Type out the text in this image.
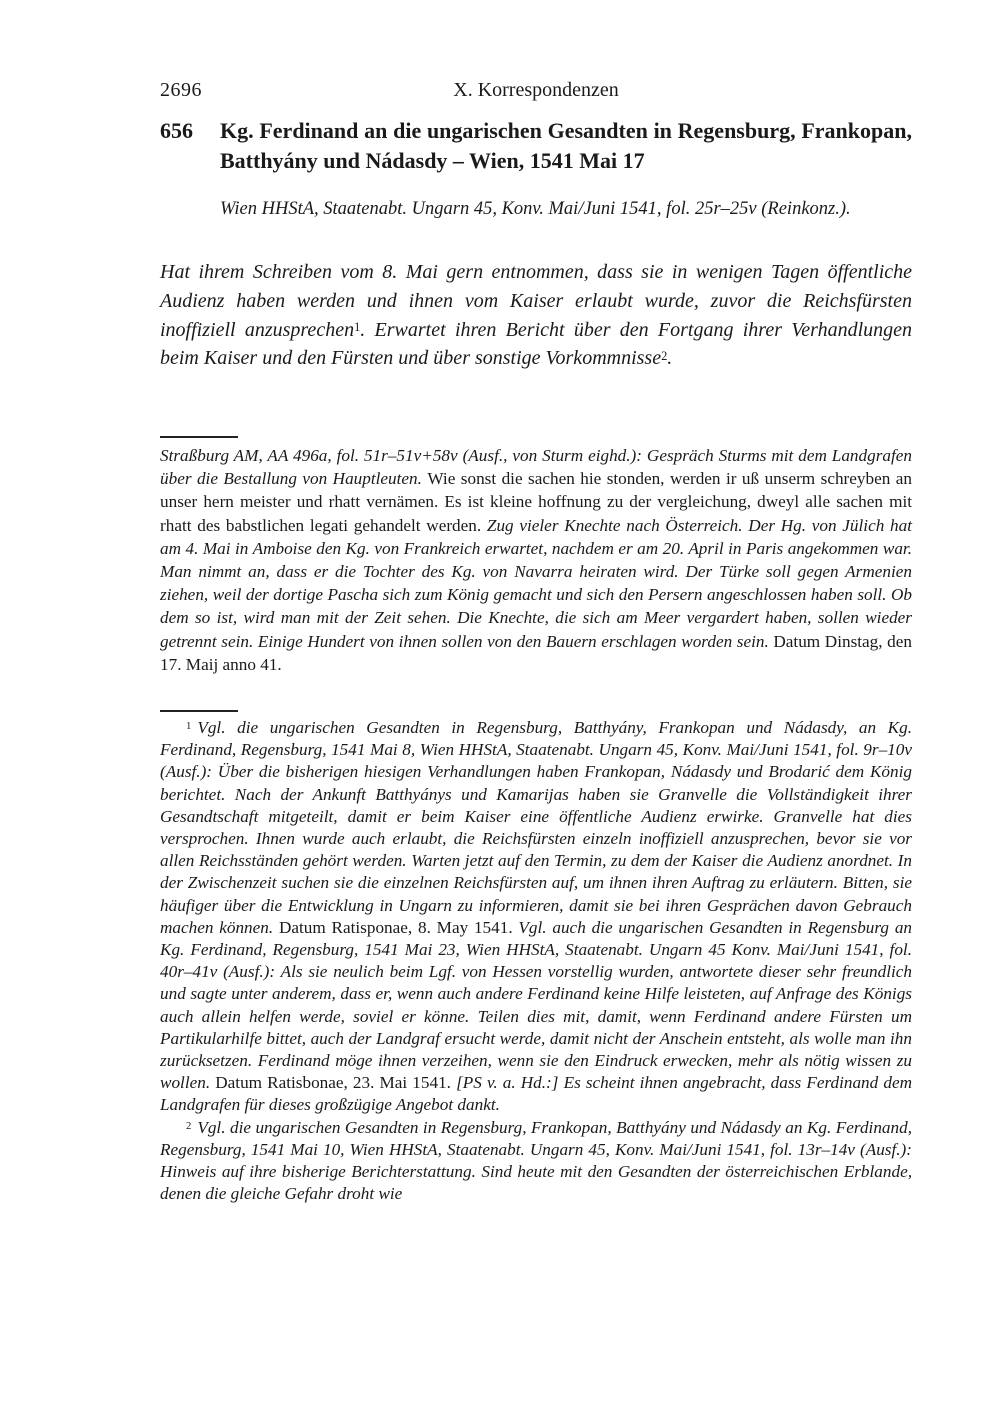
2696	X. Korrespondenzen
656	Kg. Ferdinand an die ungarischen Gesandten in Regensburg, Frankopan, Batthyány und Nádasdy – Wien, 1541 Mai 17

Wien HHStA, Staatenabt. Ungarn 45, Konv. Mai/Juni 1541, fol. 25r–25v (Reinkonz.).

Hat ihrem Schreiben vom 8. Mai gern entnommen, dass sie in wenigen Tagen öffentliche Audienz haben werden und ihnen vom Kaiser erlaubt wurde, zuvor die Reichsfürsten inoffiziell anzusprechen$^1$. Erwartet ihren Bericht über den Fortgang ihrer Verhandlungen beim Kaiser und den Fürsten und über sonstige Vorkommnisse$^2$.

Straßburg AM, AA 496a, fol. 51r–51v+58v (Ausf., von Sturm eighd.): Gespräch Sturms mit dem Landgrafen über die Bestallung von Hauptleuten. Wie sonst die sachen hie stonden, werden ir uß unserm schreyben an unser hern meister und rhatt vernämen. Es ist kleine hoffnung zu der vergleichung, dweyl alle sachen mit rhatt des babstlichen legati gehandelt werden. Zug vieler Knechte nach Österreich. Der Hg. von Jülich hat am 4. Mai in Amboise den Kg. von Frankreich erwartet, nachdem er am 20. April in Paris angekommen war. Man nimmt an, dass er die Tochter des Kg. von Navarra heiraten wird. Der Türke soll gegen Armenien ziehen, weil der dortige Pascha sich zum König gemacht und sich den Persern angeschlossen haben soll. Ob dem so ist, wird man mit der Zeit sehen. Die Knechte, die sich am Meer vergardert haben, sollen wieder getrennt sein. Einige Hundert von ihnen sollen von den Bauern erschlagen worden sein. Datum Dinstag, den 17. Maij anno 41.

$^1$ Vgl. die ungarischen Gesandten in Regensburg, Batthyány, Frankopan und Nádasdy, an Kg. Ferdinand, Regensburg, 1541 Mai 8, Wien HHStA, Staatenabt. Ungarn 45, Konv. Mai/Juni 1541, fol. 9r–10v (Ausf.): Über die bisherigen hiesigen Verhandlungen haben Frankopan, Nádasdy und Brodarić dem König berichtet. Nach der Ankunft Batthyánys und Kamarijas haben sie Granvelle die Vollständigkeit ihrer Gesandtschaft mitgeteilt, damit er beim Kaiser eine öffentliche Audienz erwirke. Granvelle hat dies versprochen. Ihnen wurde auch erlaubt, die Reichsfürsten einzeln inoffiziell anzusprechen, bevor sie vor allen Reichsständen gehört werden. Warten jetzt auf den Termin, zu dem der Kaiser die Audienz anordnet. In der Zwischenzeit suchen sie die einzelnen Reichsfürsten auf, um ihnen ihren Auftrag zu erläutern. Bitten, sie häufiger über die Entwicklung in Ungarn zu informieren, damit sie bei ihren Gesprächen davon Gebrauch machen können. Datum Ratisponae, 8. May 1541. Vgl. auch die ungarischen Gesandten in Regensburg an Kg. Ferdinand, Regensburg, 1541 Mai 23, Wien HHStA, Staatenabt. Ungarn 45 Konv. Mai/Juni 1541, fol. 40r–41v (Ausf.): Als sie neulich beim Lgf. von Hessen vorstellig wurden, antwortete dieser sehr freundlich und sagte unter anderem, dass er, wenn auch andere Ferdinand keine Hilfe leisteten, auf Anfrage des Königs auch allein helfen werde, soviel er könne. Teilen dies mit, damit, wenn Ferdinand andere Fürsten um Partikularhilfe bittet, auch der Landgraf ersucht werde, damit nicht der Anschein entsteht, als wolle man ihn zurücksetzen. Ferdinand möge ihnen verzeihen, wenn sie den Eindruck erwecken, mehr als nötig wissen zu wollen. Datum Ratisbonae, 23. Mai 1541. [PS v. a. Hd.:] Es scheint ihnen angebracht, dass Ferdinand dem Landgrafen für dieses großzügige Angebot dankt.

$^2$ Vgl. die ungarischen Gesandten in Regensburg, Frankopan, Batthyány und Nádasdy an Kg. Ferdinand, Regensburg, 1541 Mai 10, Wien HHStA, Staatenabt. Ungarn 45, Konv. Mai/Juni 1541, fol. 13r–14v (Ausf.): Hinweis auf ihre bisherige Berichterstattung. Sind heute mit den Gesandten der österreichischen Erblande, denen die gleiche Gefahr droht wie
